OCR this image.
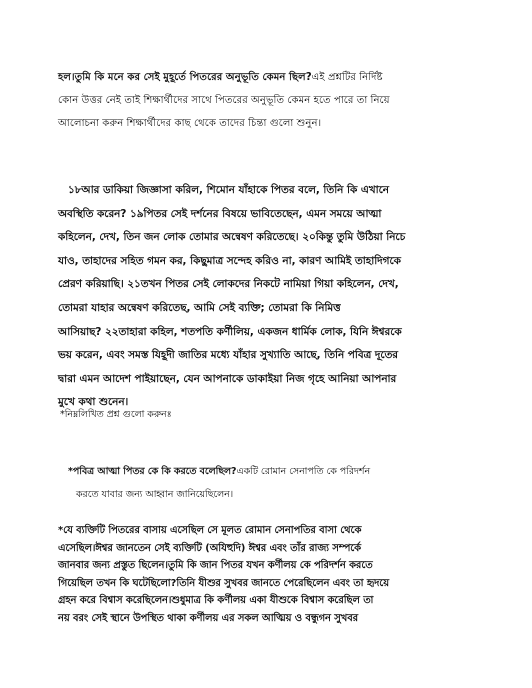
হল।তুমি কি মনে কর সেই মুহূর্তে পিতরের অনুভূতি কেমন ছিল?এই প্রশ্নটির নির্দিষ্ট
কোন উত্তর নেই তাই শিক্ষার্থীদের সাথে পিতরের অনুভূতি কেমন হতে পারে তা নিয়ে
আলোচনা করুন শিক্ষার্থীদের কাছ থেকে তাদের চিন্তা গুলো শুনুন।

১৮আর ডাকিয়া জিজ্ঞাসা করিল, শিমোন যাঁহাকে পিতর বলে, তিনি কি এখানে
অবস্থিতি করেন? ১৯পিতর সেই দর্শনের বিষয়ে ভাবিতেছেন, এমন সময়ে আত্মা
কহিলেন, দেখ, তিন জন লোক তোমার অন্বেষণ করিতেছে। ২০কিন্তু তুমি উঠিয়া নিচে
যাও, তাহাদের সহিত গমন কর, কিছুমাত্র সন্দেহ করিও না, কারণ আমিই তাহাদিগকে
প্রেরণ করিয়াছি। ২১তখন পিতর সেই লোকদের নিকটে নামিয়া গিয়া কহিলেন, দেখ,
তোমরা যাহার অন্বেষণ করিতেছ, আমি সেই ব্যক্তি; তোমরা কি নিমিত্ত
আসিয়াছ? ২২তাহারা কহিল, শতপতি কর্ণীলিয়, একজন ধার্মিক লোক, যিনি ঈশ্বরকে
ভয় করেন, এবং সমস্ত যিহূদী জাতির মধ্যে যাঁহার সুখ্যাতি আছে, তিনি পবিত্র দূতের
দ্বারা এমন আদেশ পাইয়াছেন, যেন আপনাকে ডাকাইয়া নিজ গৃহে আনিয়া আপনার
মুখে কথা শুনেন।

*নিম্নলিখিত প্রশ্ন গুলো করুনঃ

*পবিত্র আত্মা পিতর কে কি করতে বলেছিল?একটি রোমান সেনাপতি কে পরিদর্শন
করতে যাবার জন্য আহ্বান জানিয়েছিলেন।

*যে ব্যক্তিটি পিতরের বাসায় এসেছিল সে মূলত রোমান সেনাপতির বাসা থেকে
এসেছিল।ঈশ্বর জানতেন সেই ব্যক্তিটি (অযিহুদি) ঈশ্বর এবং তাঁর রাজ্য সম্পর্কে
জানবার জন্য প্রস্তুত ছিলেন।তুমি কি জান পিতর যখন কর্ণীলয় কে পরিদর্শন করতে
গিয়েছিল তখন কি ঘটেছিলো?তিনি যীশুর সুখবর জানতে পেরেছিলেন এবং তা হৃদয়ে
গ্রহন করে বিশ্বাস করেছিলেন।শুধুমাত্র কি কর্ণীলয় একা যীশুকে বিশ্বাস করেছিল তা
নয় বরং সেই স্থানে উপস্থিত থাকা কর্ণীলয় এর সকল আত্মিয় ও বন্ধুগন সুখবর
